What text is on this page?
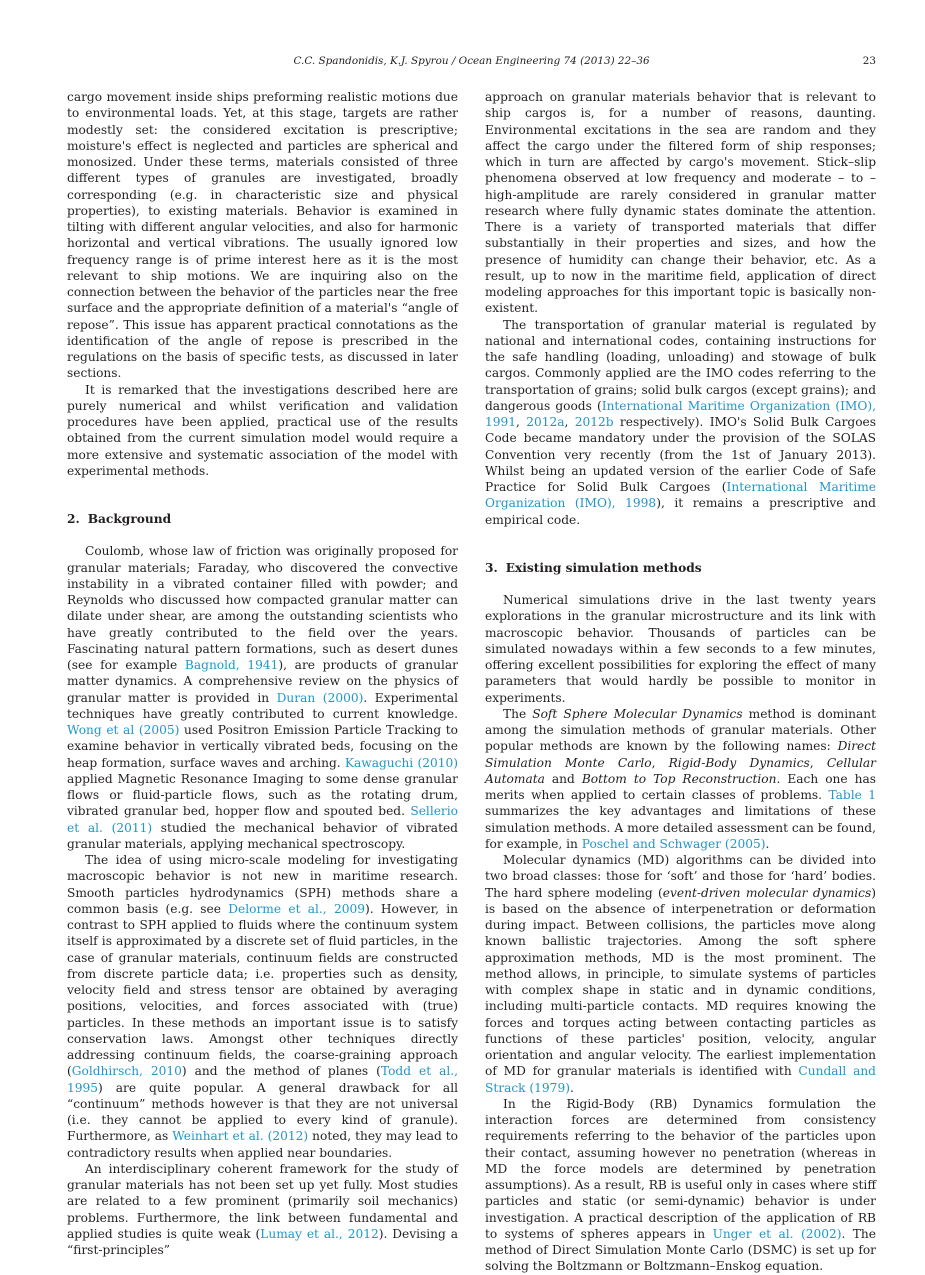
C.C. Spandonidis, K.J. Spyrou / Ocean Engineering 74 (2013) 22–36	23

cargo movement inside ships preforming realistic motions due to environmental loads. Yet, at this stage, targets are rather modestly set: the considered excitation is prescriptive; moisture's effect is neglected and particles are spherical and monosized. Under these terms, materials consisted of three different types of granules are investigated, broadly corresponding (e.g. in characteristic size and physical properties), to existing materials. Behavior is examined in tilting with different angular velocities, and also for harmonic horizontal and vertical vibrations. The usually ignored low frequency range is of prime interest here as it is the most relevant to ship motions. We are inquiring also on the connection between the behavior of the particles near the free surface and the appropriate definition of a material's “angle of repose”. This issue has apparent practical connotations as the identification of the angle of repose is prescribed in the regulations on the basis of specific tests, as discussed in later sections.

It is remarked that the investigations described here are purely numerical and whilst verification and validation procedures have been applied, practical use of the results obtained from the current simulation model would require a more extensive and systematic association of the model with experimental methods.

2. Background

Coulomb, whose law of friction was originally proposed for granular materials; Faraday, who discovered the convective instability in a vibrated container filled with powder; and Reynolds who discussed how compacted granular matter can dilate under shear, are among the outstanding scientists who have greatly contributed to the field over the years. Fascinating natural pattern formations, such as desert dunes (see for example Bagnold, 1941), are products of granular matter dynamics. A comprehensive review on the physics of granular matter is provided in Duran (2000). Experimental techniques have greatly contributed to current knowledge. Wong et al (2005) used Positron Emission Particle Tracking to examine behavior in vertically vibrated beds, focusing on the heap formation, surface waves and arching. Kawaguchi (2010) applied Magnetic Resonance Imaging to some dense granular flows or fluid-particle flows, such as the rotating drum, vibrated granular bed, hopper flow and spouted bed. Sellerio et al. (2011) studied the mechanical behavior of vibrated granular materials, applying mechanical spectroscopy.

The idea of using micro-scale modeling for investigating macroscopic behavior is not new in maritime research. Smooth particles hydrodynamics (SPH) methods share a common basis (e.g. see Delorme et al., 2009). However, in contrast to SPH applied to fluids where the continuum system itself is approximated by a discrete set of fluid particles, in the case of granular materials, continuum fields are constructed from discrete particle data; i.e. properties such as density, velocity field and stress tensor are obtained by averaging positions, velocities, and forces associated with (true) particles. In these methods an important issue is to satisfy conservation laws. Amongst other techniques directly addressing continuum fields, the coarse-graining approach (Goldhirsch, 2010) and the method of planes (Todd et al., 1995) are quite popular. A general drawback for all “continuum” methods however is that they are not universal (i.e. they cannot be applied to every kind of granule). Furthermore, as Weinhart et al. (2012) noted, they may lead to contradictory results when applied near boundaries.

An interdisciplinary coherent framework for the study of granular materials has not been set up yet fully. Most studies are related to a few prominent (primarily soil mechanics) problems. Furthermore, the link between fundamental and applied studies is quite weak (Lumay et al., 2012). Devising a “first-principles”

approach on granular materials behavior that is relevant to ship cargos is, for a number of reasons, daunting. Environmental excitations in the sea are random and they affect the cargo under the filtered form of ship responses; which in turn are affected by cargo's movement. Stick–slip phenomena observed at low frequency and moderate – to – high-amplitude are rarely considered in granular matter research where fully dynamic states dominate the attention. There is a variety of transported materials that differ substantially in their properties and sizes, and how the presence of humidity can change their behavior, etc. As a result, up to now in the maritime field, application of direct modeling approaches for this important topic is basically non-existent.

The transportation of granular material is regulated by national and international codes, containing instructions for the safe handling (loading, unloading) and stowage of bulk cargos. Commonly applied are the IMO codes referring to the transportation of grains; solid bulk cargos (except grains); and dangerous goods (International Maritime Organization (IMO), 1991, 2012a, 2012b respectively). IMO's Solid Bulk Cargoes Code became mandatory under the provision of the SOLAS Convention very recently (from the 1st of January 2013). Whilst being an updated version of the earlier Code of Safe Practice for Solid Bulk Cargoes (International Maritime Organization (IMO), 1998), it remains a prescriptive and empirical code.

3. Existing simulation methods

Numerical simulations drive in the last twenty years explorations in the granular microstructure and its link with macroscopic behavior. Thousands of particles can be simulated nowadays within a few seconds to a few minutes, offering excellent possibilities for exploring the effect of many parameters that would hardly be possible to monitor in experiments.

The Soft Sphere Molecular Dynamics method is dominant among the simulation methods of granular materials. Other popular methods are known by the following names: Direct Simulation Monte Carlo, Rigid-Body Dynamics, Cellular Automata and Bottom to Top Reconstruction. Each one has merits when applied to certain classes of problems. Table 1 summarizes the key advantages and limitations of these simulation methods. A more detailed assessment can be found, for example, in Poschel and Schwager (2005).

Molecular dynamics (MD) algorithms can be divided into two broad classes: those for ‘soft’ and those for ‘hard’ bodies. The hard sphere modeling (event-driven molecular dynamics) is based on the absence of interpenetration or deformation during impact. Between collisions, the particles move along known ballistic trajectories. Among the soft sphere approximation methods, MD is the most prominent. The method allows, in principle, to simulate systems of particles with complex shape in static and in dynamic conditions, including multi-particle contacts. MD requires knowing the forces and torques acting between contacting particles as functions of these particles' position, velocity, angular orientation and angular velocity. The earliest implementation of MD for granular materials is identified with Cundall and Strack (1979).

In the Rigid-Body (RB) Dynamics formulation the interaction forces are determined from consistency requirements referring to the behavior of the particles upon their contact, assuming however no penetration (whereas in MD the force models are determined by penetration assumptions). As a result, RB is useful only in cases where stiff particles and static (or semi-dynamic) behavior is under investigation. A practical description of the application of RB to systems of spheres appears in Unger et al. (2002). The method of Direct Simulation Monte Carlo (DSMC) is set up for solving the Boltzmann or Boltzmann–Enskog equation.
